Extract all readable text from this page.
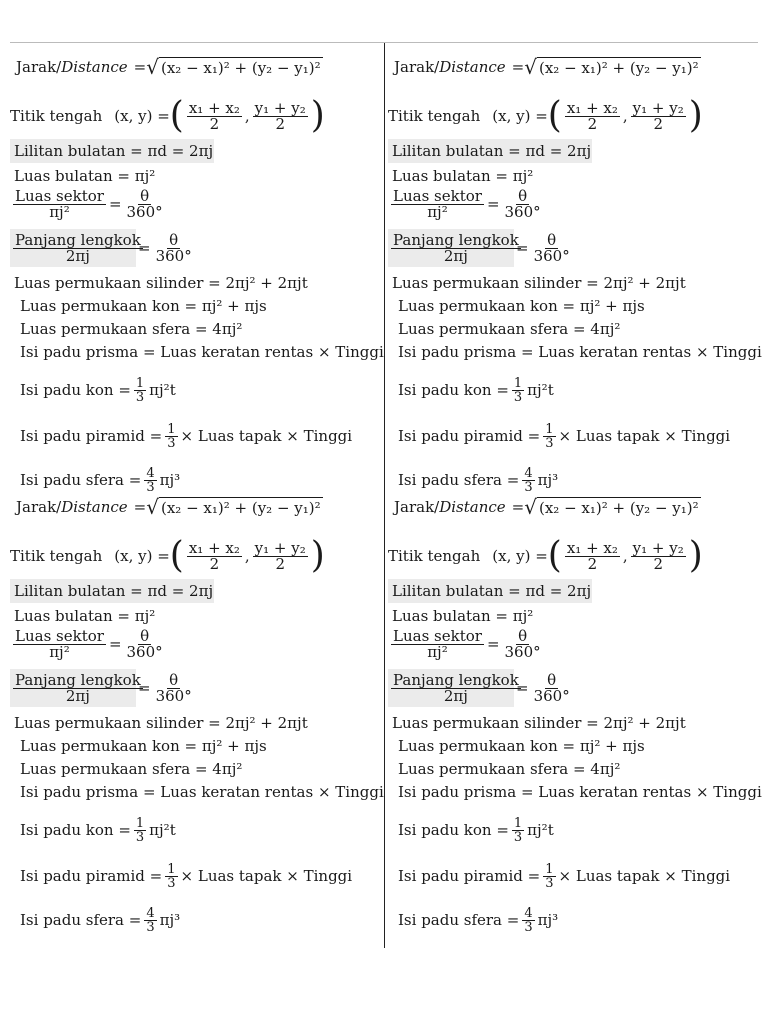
Jarak/ Distance = √ (x₂ − x₁)² + (y₂ − y₁)²
Titik tengah (x, y) = ( $\frac{\text{x₁ + x₂}}{2}$ , $\frac{\text{y₁ + y₂}}{2}$ )
Lilitan bulatan = πd = 2πj
Luas bulatan = πj²
$\frac{\text{Luas sektor}}{\text{πj²}} = \frac{\theta}{360^\circ}$
$\frac{\text{Panjang lengkok}}{2\pi j}$
= $\frac{\theta}{360^\circ}$
Luas permukaan silinder = 2πj² + 2πjt
Luas permukaan kon = πj² + πjs
Luas permukaan sfera = 4πj²
Isi padu prisma = Luas keratan rentas × Tinggi
Isi padu kon = $\frac{1}{3} \pi j^2t$
Isi padu piramid = $\frac{1}{3}$ × Luas tapak × Tinggi
Isi padu sfera = $\frac{4}{3} \pi j^3$
Jarak/ Distance = √ (x₂ − x₁)² + (y₂ − y₁)²
Titik tengah (x, y) = ( $\frac{\text{x₁ + x₂}}{2}$ , $\frac{\text{y₁ + y₂}}{2}$ )
Lilitan bulatan = πd = 2πj
Luas bulatan = πj²
$\frac{\text{Luas sektor}}{\text{πj²}} = \frac{\theta}{360^\circ}$
$\frac{\text{Panjang lengkok}}{2\pi j}$
= $\frac{\theta}{360^\circ}$
Luas permukaan silinder = 2πj² + 2πjt
Luas permukaan kon = πj² + πjs
Luas permukaan sfera = 4πj²
Isi padu prisma = Luas keratan rentas × Tinggi
Isi padu kon = $\frac{1}{3} \pi j^2t$
Isi padu piramid = $\frac{1}{3}$ × Luas tapak × Tinggi
Isi padu sfera = $\frac{4}{3} \pi j^3$
Jarak/ Distance = √ (x₂ − x₁)² + (y₂ − y₁)²
Titik tengah (x, y) = ( $\frac{\text{x₁ + x₂}}{2}$ , $\frac{\text{y₁ + y₂}}{2}$ )
Lilitan bulatan = πd = 2πj
Luas bulatan = πj²
$\frac{\text{Luas sektor}}{\text{πj²}} = \frac{\theta}{360^\circ}$
$\frac{\text{Panjang lengkok}}{2\pi j}$
= $\frac{\theta}{360^\circ}$
Luas permukaan silinder = 2πj² + 2πjt
Luas permukaan kon = πj² + πjs
Luas permukaan sfera = 4πj²
Isi padu prisma = Luas keratan rentas × Tinggi
Isi padu kon = $\frac{1}{3} \pi j^2t$
Isi padu piramid = $\frac{1}{3}$ × Luas tapak × Tinggi
Isi padu sfera = $\frac{4}{3} \pi j^3$
Jarak/ Distance = √ (x₂ − x₁)² + (y₂ − y₁)²
Titik tengah (x, y) = ( $\frac{\text{x₁ + x₂}}{2}$ , $\frac{\text{y₁ + y₂}}{2}$ )
Lilitan bulatan = πd = 2πj
Luas bulatan = πj²
$\frac{\text{Luas sektor}}{\text{πj²}} = \frac{\theta}{360^\circ}$
$\frac{\text{Panjang lengkok}}{2\pi j}$
= $\frac{\theta}{360^\circ}$
Luas permukaan silinder = 2πj² + 2πjt
Luas permukaan kon = πj² + πjs
Luas permukaan sfera = 4πj²
Isi padu prisma = Luas keratan rentas × Tinggi
Isi padu kon = $\frac{1}{3} \pi j^2t$
Isi padu piramid = $\frac{1}{3}$ × Luas tapak × Tinggi
Isi padu sfera = $\frac{4}{3} \pi j^3$
